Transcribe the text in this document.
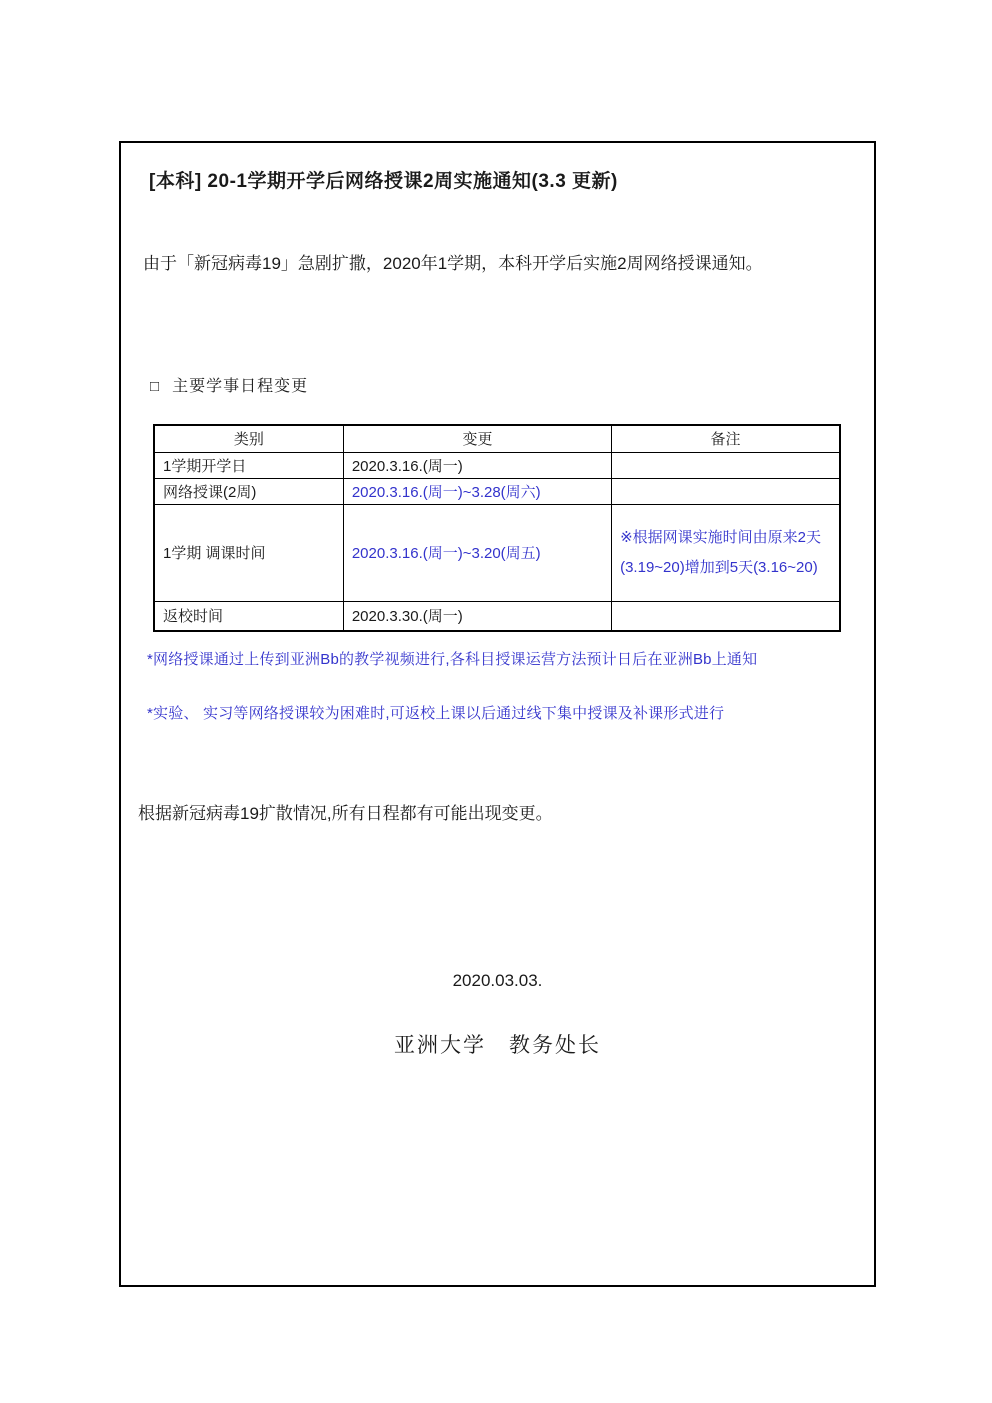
[本科] 20-1学期开学后网络授课2周实施通知(3.3 更新)
由于「新冠病毒19」急剧扩撒，2020年1学期，本科开学后实施2周网络授课通知。
□ 主要学事日程变更
类别	变更	备注
1学期开学日	2020.3.16.(周一)	
网络授课(2周)	2020.3.16.(周一)~3.28(周六)	
1学期 调课时间	2020.3.16.(周一)~3.20(周五)	※根据网课实施时间由原来2天(3.19~20)增加到5天(3.16~20)
返校时间	2020.3.30.(周一)	
*网络授课通过上传到亚洲Bb的教学视频进行,各科目授课运营方法预计日后在亚洲Bb上通知
*实验、 实习等网络授课较为困难时,可返校上课以后通过线下集中授课及补课形式进行
根据新冠病毒19扩散情况,所有日程都有可能出现变更。
2020.03.03.
亚洲大学　教务处长
